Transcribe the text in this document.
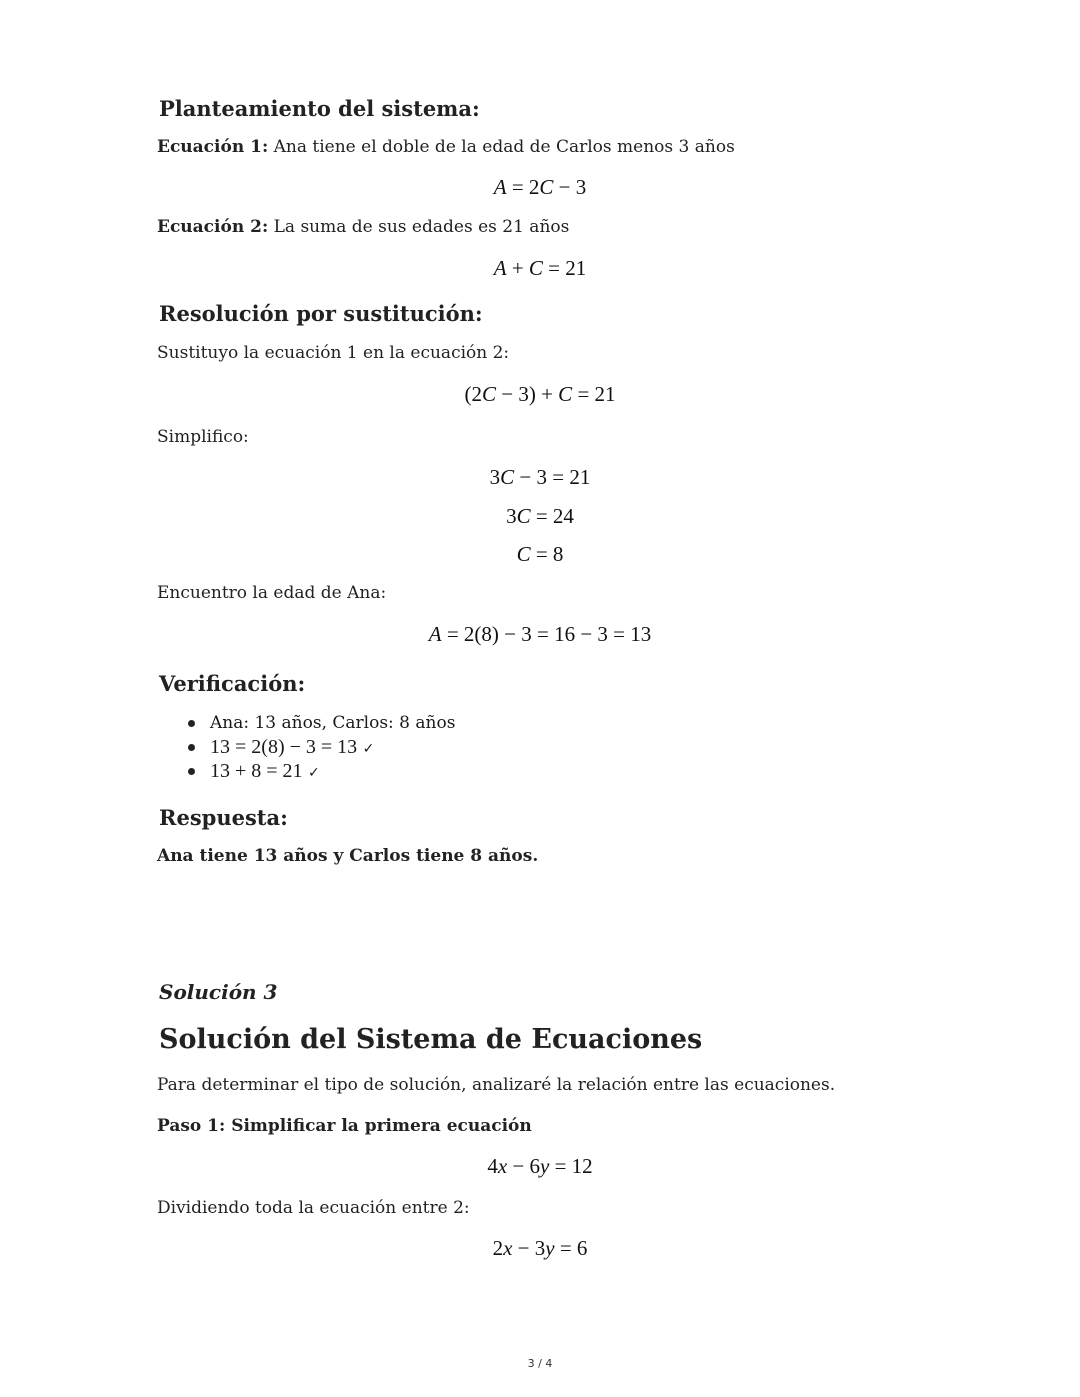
Planteamiento del sistema:
Ecuación 1: Ana tiene el doble de la edad de Carlos menos 3 años
A = 2C − 3
Ecuación 2: La suma de sus edades es 21 años
A + C = 21
Resolución por sustitución:
Sustituyo la ecuación 1 en la ecuación 2:
(2C − 3) + C = 21
Simplifico:
3C − 3 = 21
3C = 24
C = 8
Encuentro la edad de Ana:
A = 2(8) − 3 = 16 − 3 = 13
Verificación:
Ana: 13 años, Carlos: 8 años
13 = 2(8) − 3 = 13 ✓
13 + 8 = 21 ✓
Respuesta:
Ana tiene 13 años y Carlos tiene 8 años.
Solución 3
Solución del Sistema de Ecuaciones
Para determinar el tipo de solución, analizaré la relación entre las ecuaciones.
Paso 1: Simplificar la primera ecuación
4x − 6y = 12
Dividiendo toda la ecuación entre 2:
2x − 3y = 6
3 / 4
